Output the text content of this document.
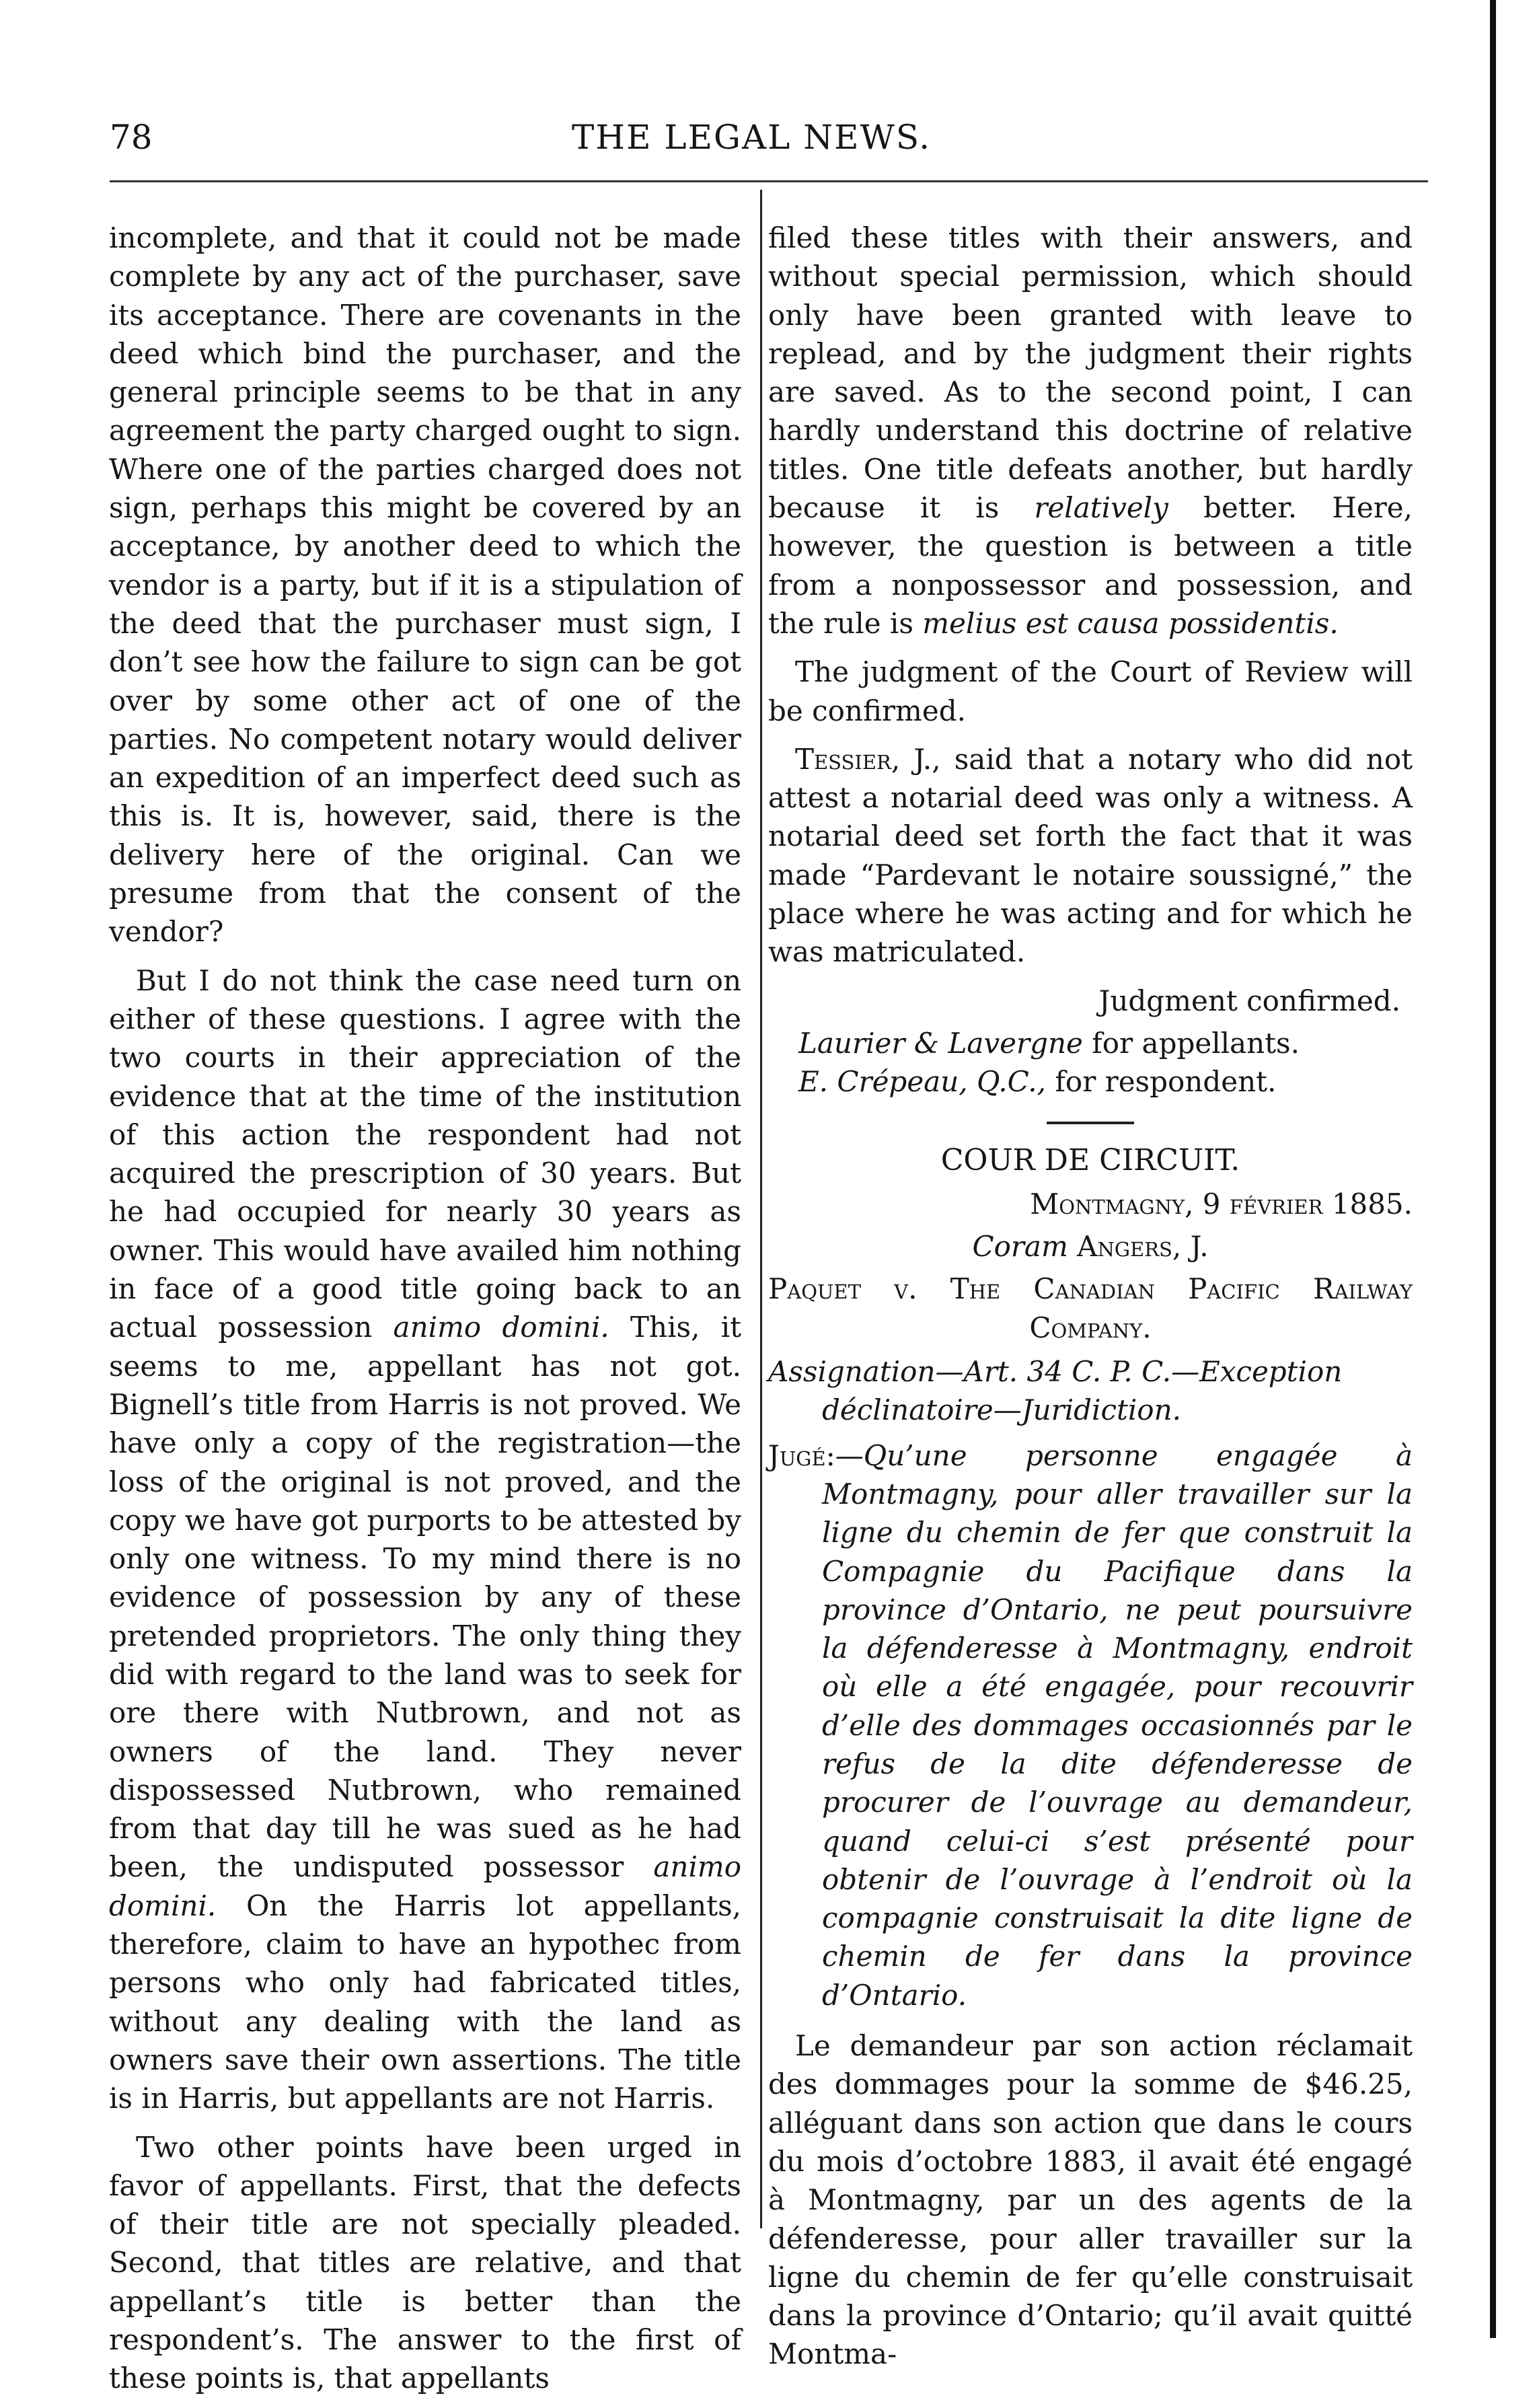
78	THE LEGAL NEWS.

incomplete, and that it could not be made complete by any act of the purchaser, save its acceptance. There are covenants in the deed which bind the purchaser, and the general principle seems to be that in any agreement the party charged ought to sign. Where one of the parties charged does not sign, perhaps this might be covered by an acceptance, by another deed to which the vendor is a party, but if it is a stipulation of the deed that the purchaser must sign, I don’t see how the failure to sign can be got over by some other act of one of the parties. No competent notary would deliver an expedition of an imperfect deed such as this is. It is, however, said, there is the delivery here of the original. Can we presume from that the consent of the vendor?

But I do not think the case need turn on either of these questions. I agree with the two courts in their appreciation of the evidence that at the time of the institution of this action the respondent had not acquired the prescription of 30 years. But he had occupied for nearly 30 years as owner. This would have availed him nothing in face of a good title going back to an actual possession animo domini. This, it seems to me, appellant has not got. Bignell’s title from Harris is not proved. We have only a copy of the registration—the loss of the original is not proved, and the copy we have got purports to be attested by only one witness. To my mind there is no evidence of possession by any of these pretended proprietors. The only thing they did with regard to the land was to seek for ore there with Nutbrown, and not as owners of the land. They never dispossessed Nutbrown, who remained from that day till he was sued as he had been, the undisputed possessor animo domini. On the Harris lot appellants, therefore, claim to have an hypothec from persons who only had fabricated titles, without any dealing with the land as owners save their own assertions. The title is in Harris, but appellants are not Harris.

Two other points have been urged in favor of appellants. First, that the defects of their title are not specially pleaded. Second, that titles are relative, and that appellant’s title is better than the respondent’s. The answer to the first of these points is, that appellants

filed these titles with their answers, and without special permission, which should only have been granted with leave to replead, and by the judgment their rights are saved. As to the second point, I can hardly understand this doctrine of relative titles. One title defeats another, but hardly because it is relatively better. Here, however, the question is between a title from a nonpossessor and possession, and the rule is melius est causa possidentis.

The judgment of the Court of Review will be confirmed.

Tessier, J., said that a notary who did not attest a notarial deed was only a witness. A notarial deed set forth the fact that it was made “Pardevant le notaire soussigné,” the place where he was acting and for which he was matriculated.

Judgment confirmed.

Laurier & Lavergne for appellants.

E. Crépeau, Q.C., for respondent.

COUR DE CIRCUIT.

Montmagny, 9 février 1885.

Coram Angers, J.

Paquet v. The Canadian Pacific Railway

Company.

Assignation—Art. 34 C. P. C.—Exception déclinatoire—Juridiction.

Jugé:—Qu’une personne engagée à Montmagny, pour aller travailler sur la ligne du chemin de fer que construit la Compagnie du Pacifique dans la province d’Ontario, ne peut poursuivre la défenderesse à Montmagny, endroit où elle a été engagée, pour recouvrir d’elle des dommages occasionnés par le refus de la dite défenderesse de procurer de l’ouvrage au demandeur, quand celui-ci s’est présenté pour obtenir de l’ouvrage à l’endroit où la compagnie construisait la dite ligne de chemin de fer dans la province d’Ontario.

Le demandeur par son action réclamait des dommages pour la somme de $46.25, alléguant dans son action que dans le cours du mois d’octobre 1883, il avait été engagé à Montmagny, par un des agents de la défenderesse, pour aller travailler sur la ligne du chemin de fer qu’elle construisait dans la province d’Ontario; qu’il avait quitté Montma-
